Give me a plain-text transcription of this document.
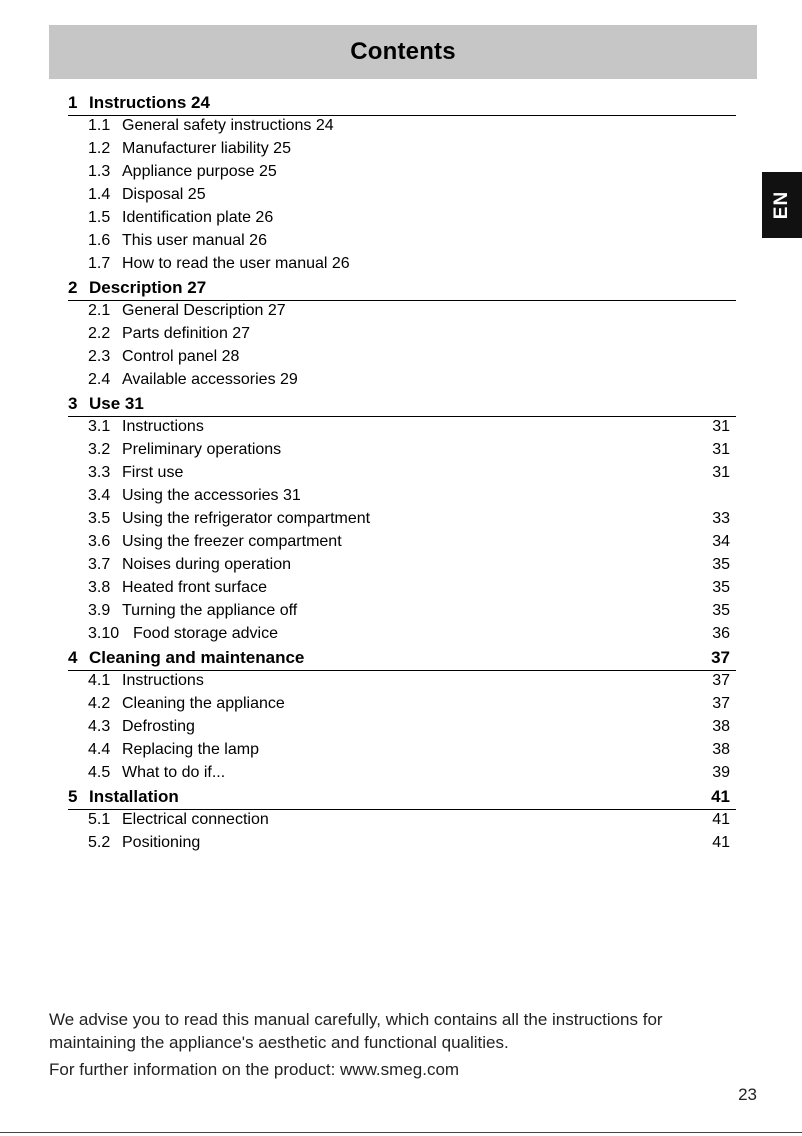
Contents
EN
1 Instructions 24
1.1 General safety instructions 24
1.2 Manufacturer liability 25
1.3 Appliance purpose 25
1.4 Disposal 25
1.5 Identification plate 26
1.6 This user manual 26
1.7 How to read the user manual 26
2 Description 27
2.1 General Description 27
2.2 Parts definition 27
2.3 Control panel 28
2.4 Available accessories 29
3 Use 31
3.1 Instructions	31
3.2 Preliminary operations	31
3.3 First use	31
3.4 Using the accessories 31
3.5 Using the refrigerator compartment	33
3.6 Using the freezer compartment	34
3.7 Noises during operation	35
3.8 Heated front surface	35
3.9 Turning the appliance off	35
3.10 Food storage advice	36
4 Cleaning and maintenance	37
4.1 Instructions	37
4.2 Cleaning the appliance	37
4.3 Defrosting	38
4.4 Replacing the lamp	38
4.5 What to do if...	39
5 Installation	41
5.1 Electrical connection	41
5.2 Positioning	41

We advise you to read this manual carefully, which contains all the instructions for

maintaining the appliance's aesthetic and functional qualities.

For further information on the product: www.smeg.com

23
